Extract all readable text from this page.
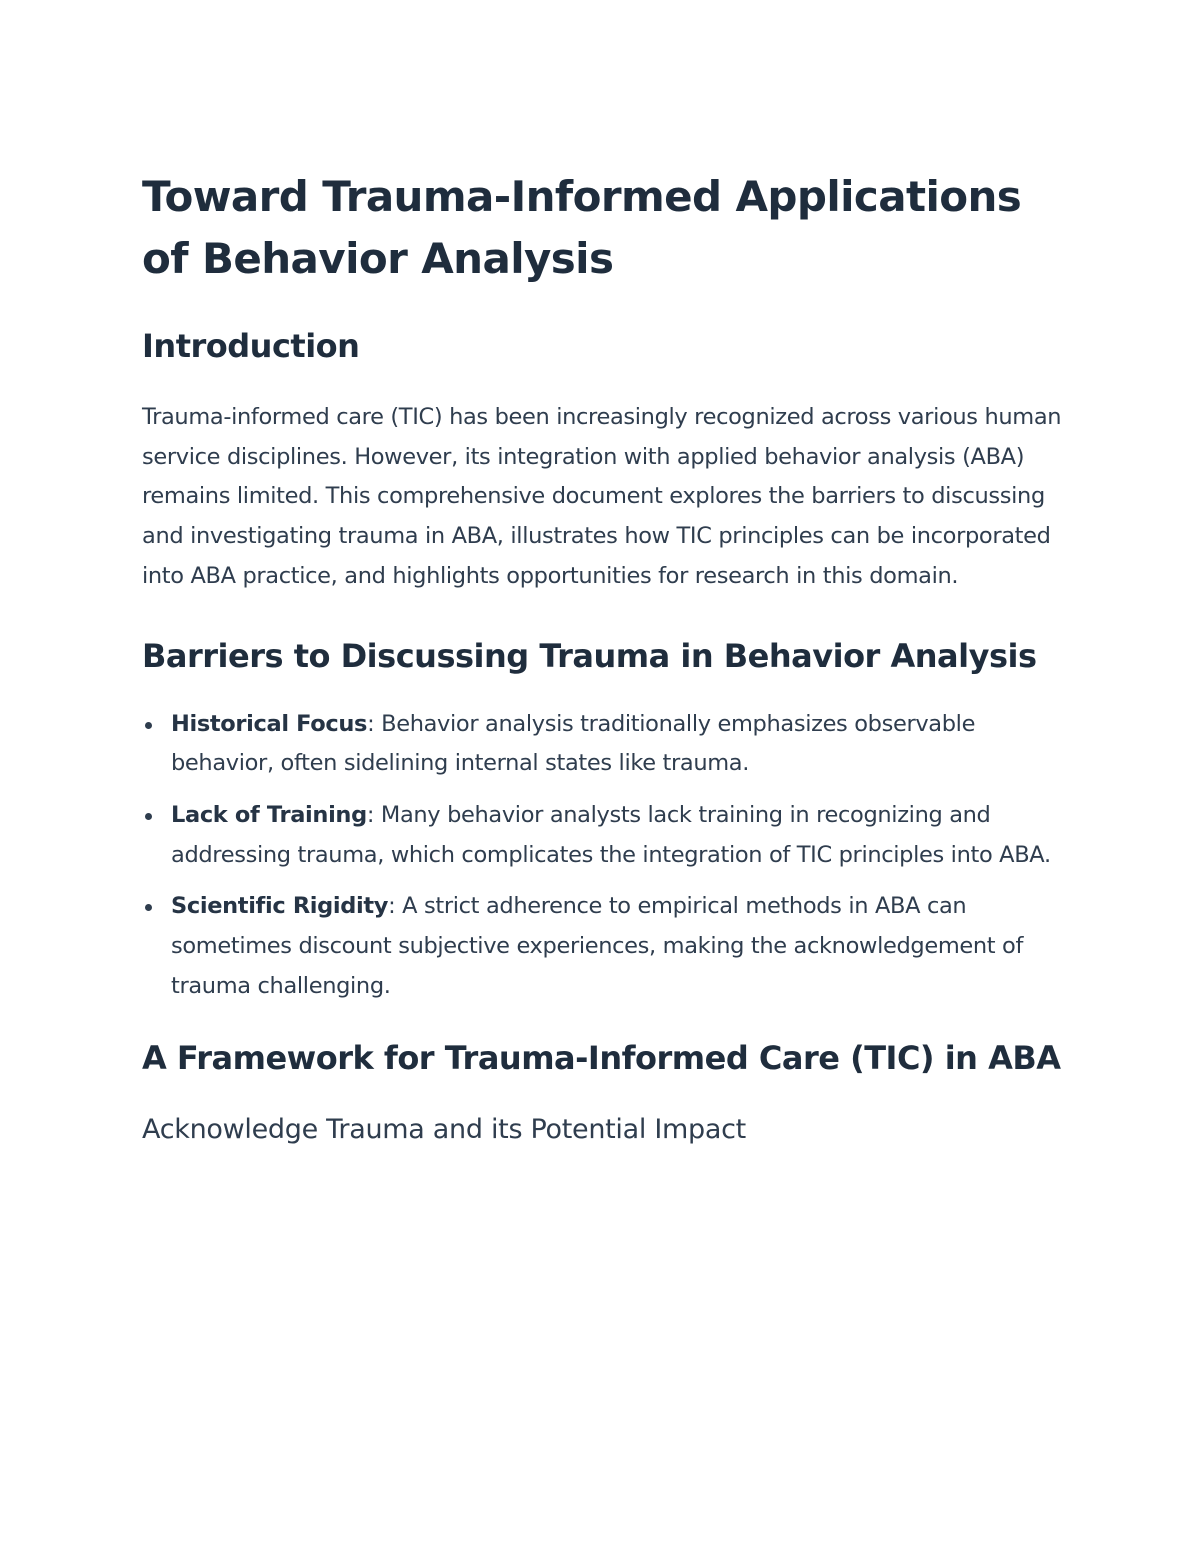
Toward Trauma-Informed Applications of Behavior Analysis
Introduction

Trauma-informed care (TIC) has been increasingly recognized across various human service disciplines. However, its integration with applied behavior analysis (ABA) remains limited. This comprehensive document explores the barriers to discussing and investigating trauma in ABA, illustrates how TIC principles can be incorporated into ABA practice, and highlights opportunities for research in this domain.

Barriers to Discussing Trauma in Behavior Analysis
Historical Focus: Behavior analysis traditionally emphasizes observable behavior, often sidelining internal states like trauma.
Lack of Training: Many behavior analysts lack training in recognizing and addressing trauma, which complicates the integration of TIC principles into ABA.
Scientific Rigidity: A strict adherence to empirical methods in ABA can sometimes discount subjective experiences, making the acknowledgement of trauma challenging.
A Framework for Trauma-Informed Care (TIC) in ABA
Acknowledge Trauma and its Potential Impact
